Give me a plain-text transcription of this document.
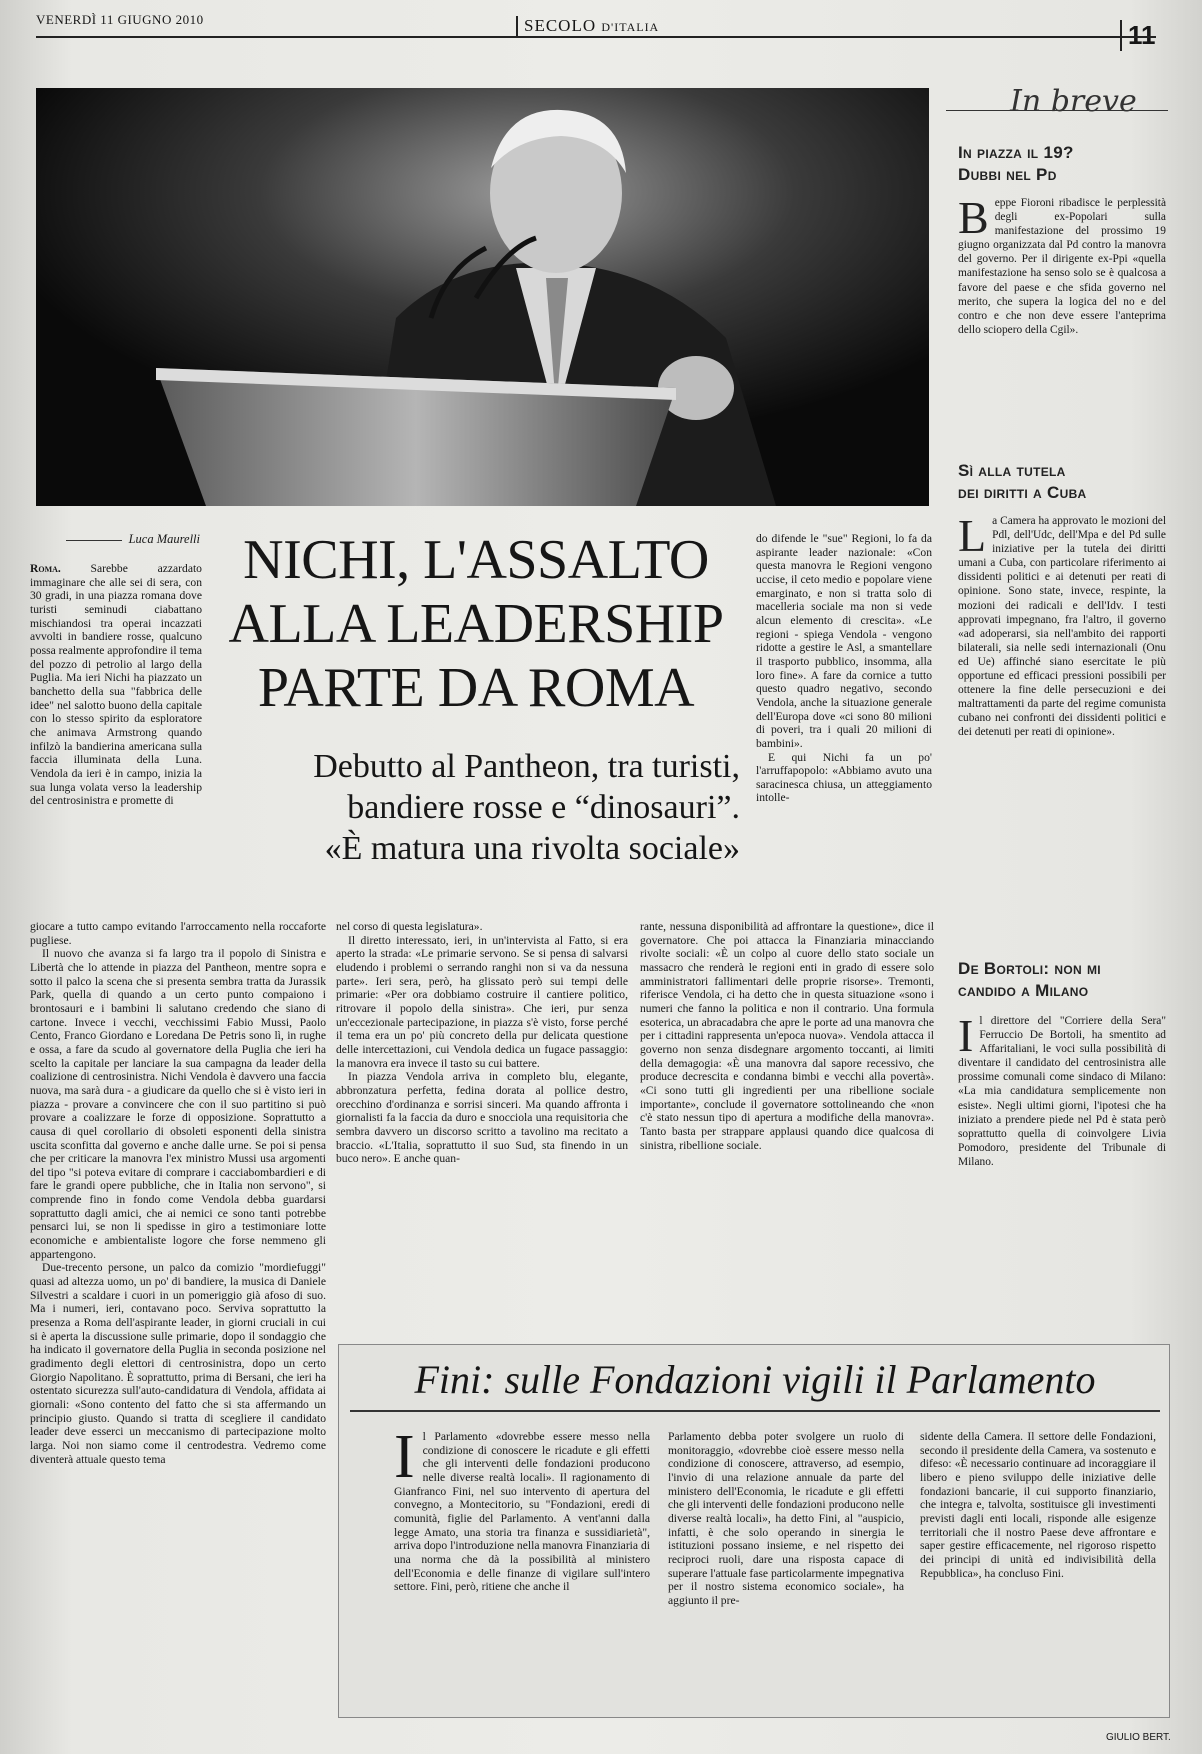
VENERDÌ 11 GIUGNO 2010	SECOLO D'ITALIA	11
In breve
In piazza il 19?
Dubbi nel Pd

Beppe Fioroni ribadisce le perplessità degli ex-Popolari sulla manifestazione del prossimo 19 giugno organizzata dal Pd contro la manovra del governo. Per il dirigente ex-Ppi «quella manifestazione ha senso solo se è qualcosa a favore del paese e che sfida governo nel merito, che supera la logica del no e del contro e che non deve essere l'anteprima dello sciopero della Cgil».

Sì alla tutela
dei diritti a Cuba

La Camera ha approvato le mozioni del Pdl, dell'Udc, dell'Mpa e del Pd sulle iniziative per la tutela dei diritti umani a Cuba, con particolare riferimento ai dissidenti politici e ai detenuti per reati di opinione. Sono state, invece, respinte, la mozioni dei radicali e dell'Idv. I testi approvati impegnano, fra l'altro, il governo «ad adoperarsi, sia nell'ambito dei rapporti bilaterali, sia nelle sedi internazionali (Onu ed Ue) affinché siano esercitate le più opportune ed efficaci pressioni possibili per ottenere la fine delle persecuzioni e dei maltrattamenti da parte del regime comunista cubano nei confronti dei dissidenti politici e dei detenuti per reati di opinione».

De Bortoli: non mi
candido a Milano

Il direttore del "Corriere della Sera" Ferruccio De Bortoli, ha smentito ad Affaritaliani, le voci sulla possibilità di diventare il candidato del centrosinistra alle prossime comunali come sindaco di Milano: «La mia candidatura semplicemente non esiste». Negli ultimi giorni, l'ipotesi che ha iniziato a prendere piede nel Pd è stata però soprattutto quella di coinvolgere Livia Pomodoro, presidente del Tribunale di Milano.

Luca Maurelli NICHI, L'ASSALTO
ALLA LEADERSHIP
PARTE DA ROMA
Debutto al Pantheon, tra turisti,
bandiere rosse e “dinosauri”.
«È matura una rivolta sociale»

Roma.	Sarebbe azzardato immaginare che alle sei di sera, con 30 gradi, in una piazza romana dove turisti seminudi ciabattano mischiandosi tra operai incazzati avvolti in bandiere rosse, qualcuno possa realmente approfondire il tema del pozzo di petrolio al largo della Puglia. Ma ieri Nichi ha piazzato un banchetto della sua "fabbrica delle idee" nel salotto buono della capitale con lo stesso spirito da esploratore che animava Armstrong quando infilzò la bandierina americana sulla faccia illuminata della Luna. Vendola da ieri è in campo, inizia la sua lunga volata verso la leadership del centrosinistra e promette di

giocare a tutto campo evitando l'arroccamento nella roccaforte pugliese.

Il nuovo che avanza si fa largo tra il popolo di Sinistra e Libertà che lo attende in piazza del Pantheon, mentre sopra e sotto il palco la scena che si presenta sembra tratta da Jurassik Park, quella di quando a un certo punto compaiono i brontosauri e i bambini li salutano credendo che siano di cartone. Invece i vecchi, vecchissimi Fabio Mussi, Paolo Cento, Franco Giordano e Loredana De Petris sono lì, in rughe e ossa, a fare da scudo al governatore della Puglia che ieri ha scelto la capitale per lanciare la sua campagna da leader della coalizione di centrosinistra. Nichi Vendola è davvero una faccia nuova, ma sarà dura - a giudicare da quello che si è visto ieri in piazza - provare a convincere che con il suo partitino si può provare a coalizzare le forze di opposizione. Soprattutto a causa di quel corollario di obsoleti esponenti della sinistra uscita sconfitta dal governo e anche dalle urne. Se poi si pensa che per criticare la manovra l'ex ministro Mussi usa argomenti del tipo "si poteva evitare di comprare i cacciabombardieri e di fare le grandi opere pubbliche, che in Italia non servono", si comprende fino in fondo come Vendola debba guardarsi soprattutto dagli amici, che ai nemici ce sono tanti potrebbe pensarci lui, se non li spedisse in giro a testimoniare lotte economiche e ambientaliste logore che forse nemmeno gli appartengono.

Due-trecento persone, un palco da comizio "mordiefuggi" quasi ad altezza uomo, un po' di bandiere, la musica di Daniele Silvestri a scaldare i cuori in un pomeriggio già afoso di suo. Ma i numeri, ieri, contavano poco. Serviva soprattutto la presenza a Roma dell'aspirante leader, in giorni cruciali in cui si è aperta la discussione sulle primarie, dopo il sondaggio che ha indicato il governatore della Puglia in seconda posizione nel gradimento degli elettori di centrosinistra, dopo un certo Giorgio Napolitano. È soprattutto, prima di Bersani, che ieri ha ostentato sicurezza sull'auto-candidatura di Vendola, affidata ai giornali: «Sono contento del fatto che si sta affermando un principio giusto. Quando si tratta di scegliere il candidato leader deve esserci un meccanismo di partecipazione molto larga. Noi non siamo come il centrodestra. Vedremo come diventerà attuale questo tema

nel corso di questa legislatura».

Il diretto interessato, ieri, in un'intervista al Fatto, si era aperto la strada: «Le primarie servono. Se si pensa di salvarsi eludendo i problemi o serrando ranghi non si va da nessuna parte». Ieri sera, però, ha glissato però sui tempi delle primarie: «Per ora dobbiamo costruire il cantiere politico, ritrovare il popolo della sinistra». Che ieri, pur senza un'eccezionale partecipazione, in piazza s'è visto, forse perché il tema era un po' più concreto della pur delicata questione delle intercettazioni, cui Vendola dedica un fugace passaggio: la manovra era invece il tasto su cui battere.

In piazza Vendola arriva in completo blu, elegante, abbronzatura perfetta, fedina dorata al pollice destro, orecchino d'ordinanza e sorrisi sinceri. Ma quando affronta i giornalisti fa la faccia da duro e snocciola una requisitoria che sembra davvero un discorso scritto a tavolino ma recitato a braccio. «L'Italia, soprattutto il suo Sud, sta finendo in un buco nero». E anche quan-

do difende le "sue" Regioni, lo fa da aspirante leader nazionale: «Con questa manovra le Regioni vengono uccise, il ceto medio e popolare viene emarginato, e non si tratta solo di macelleria sociale ma non si vede alcun elemento di crescita». «Le regioni - spiega Vendola - vengono ridotte a gestire le Asl, a smantellare il trasporto pubblico, insomma, alla loro fine». A fare da cornice a tutto questo quadro negativo, secondo Vendola, anche la situazione generale dell'Europa dove «ci sono 80 milioni di poveri, tra i quali 20 milioni di bambini».

E qui Nichi fa un po' l'arruffapopolo: «Abbiamo avuto una saracinesca chiusa, un atteggiamento intolle-

rante, nessuna disponibilità ad affrontare la questione», dice il governatore. Che poi attacca la Finanziaria minacciando rivolte sociali: «È un colpo al cuore dello stato sociale un massacro che renderà le regioni enti in grado di essere solo amministratori fallimentari delle proprie risorse». Tremonti, riferisce Vendola, ci ha detto che in questa situazione «sono i numeri che fanno la politica e non il contrario. Una formula esoterica, un abracadabra che apre le porte ad una manovra che per i cittadini rappresenta un'epoca nuova». Vendola attacca il governo non senza disdegnare argomento toccanti, ai limiti della demagogia: «È una manovra dal sapore recessivo, che produce decrescita e condanna bimbi e vecchi alla povertà». «Ci sono tutti gli ingredienti per una ribellione sociale importante», conclude il governatore sottolineando che «non c'è stato nessun tipo di apertura a modifiche della manovra». Tanto basta per strappare applausi quando dice qualcosa di sinistra, ribellione sociale.

Fini: sulle Fondazioni vigili il Parlamento
Il Parlamento «dovrebbe essere messo nella condizione di conoscere le ricadute e gli effetti che gli interventi delle fondazioni producono nelle diverse realtà locali». Il ragionamento di Gianfranco Fini, nel suo intervento di apertura del convegno, a Montecitorio, su "Fondazioni, eredi di comunità, figlie del Parlamento. A vent'anni dalla legge Amato, una storia tra finanza e sussidiarietà", arriva dopo l'introduzione nella manovra Finanziaria di una norma che dà la possibilità al ministero dell'Economia e delle finanze di vigilare sull'intero settore. Fini, però, ritiene che anche il
Parlamento debba poter svolgere un ruolo di monitoraggio, «dovrebbe cioè essere messo nella condizione di conoscere, attraverso, ad esempio, l'invio di una relazione annuale da parte del ministero dell'Economia, le ricadute e gli effetti che gli interventi delle fondazioni producono nelle diverse realtà locali», ha detto Fini, al "auspicio, infatti, è che solo operando in sinergia le istituzioni possano insieme, e nel rispetto dei reciproci ruoli, dare una risposta capace di superare l'attuale fase particolarmente impegnativa per il nostro sistema economico sociale», ha aggiunto il pre-
sidente della Camera. Il settore delle Fondazioni, secondo il presidente della Camera, va sostenuto e difeso: «È necessario continuare ad incoraggiare il libero e pieno sviluppo delle iniziative delle fondazioni bancarie, il cui supporto finanziario, che integra e, talvolta, sostituisce gli investimenti previsti dagli enti locali, risponde alle esigenze territoriali che il nostro Paese deve affrontare e saper gestire efficacemente, nel rigoroso rispetto dei principi di unità ed indivisibilità della Repubblica», ha concluso Fini.
GIULIO BERT.
